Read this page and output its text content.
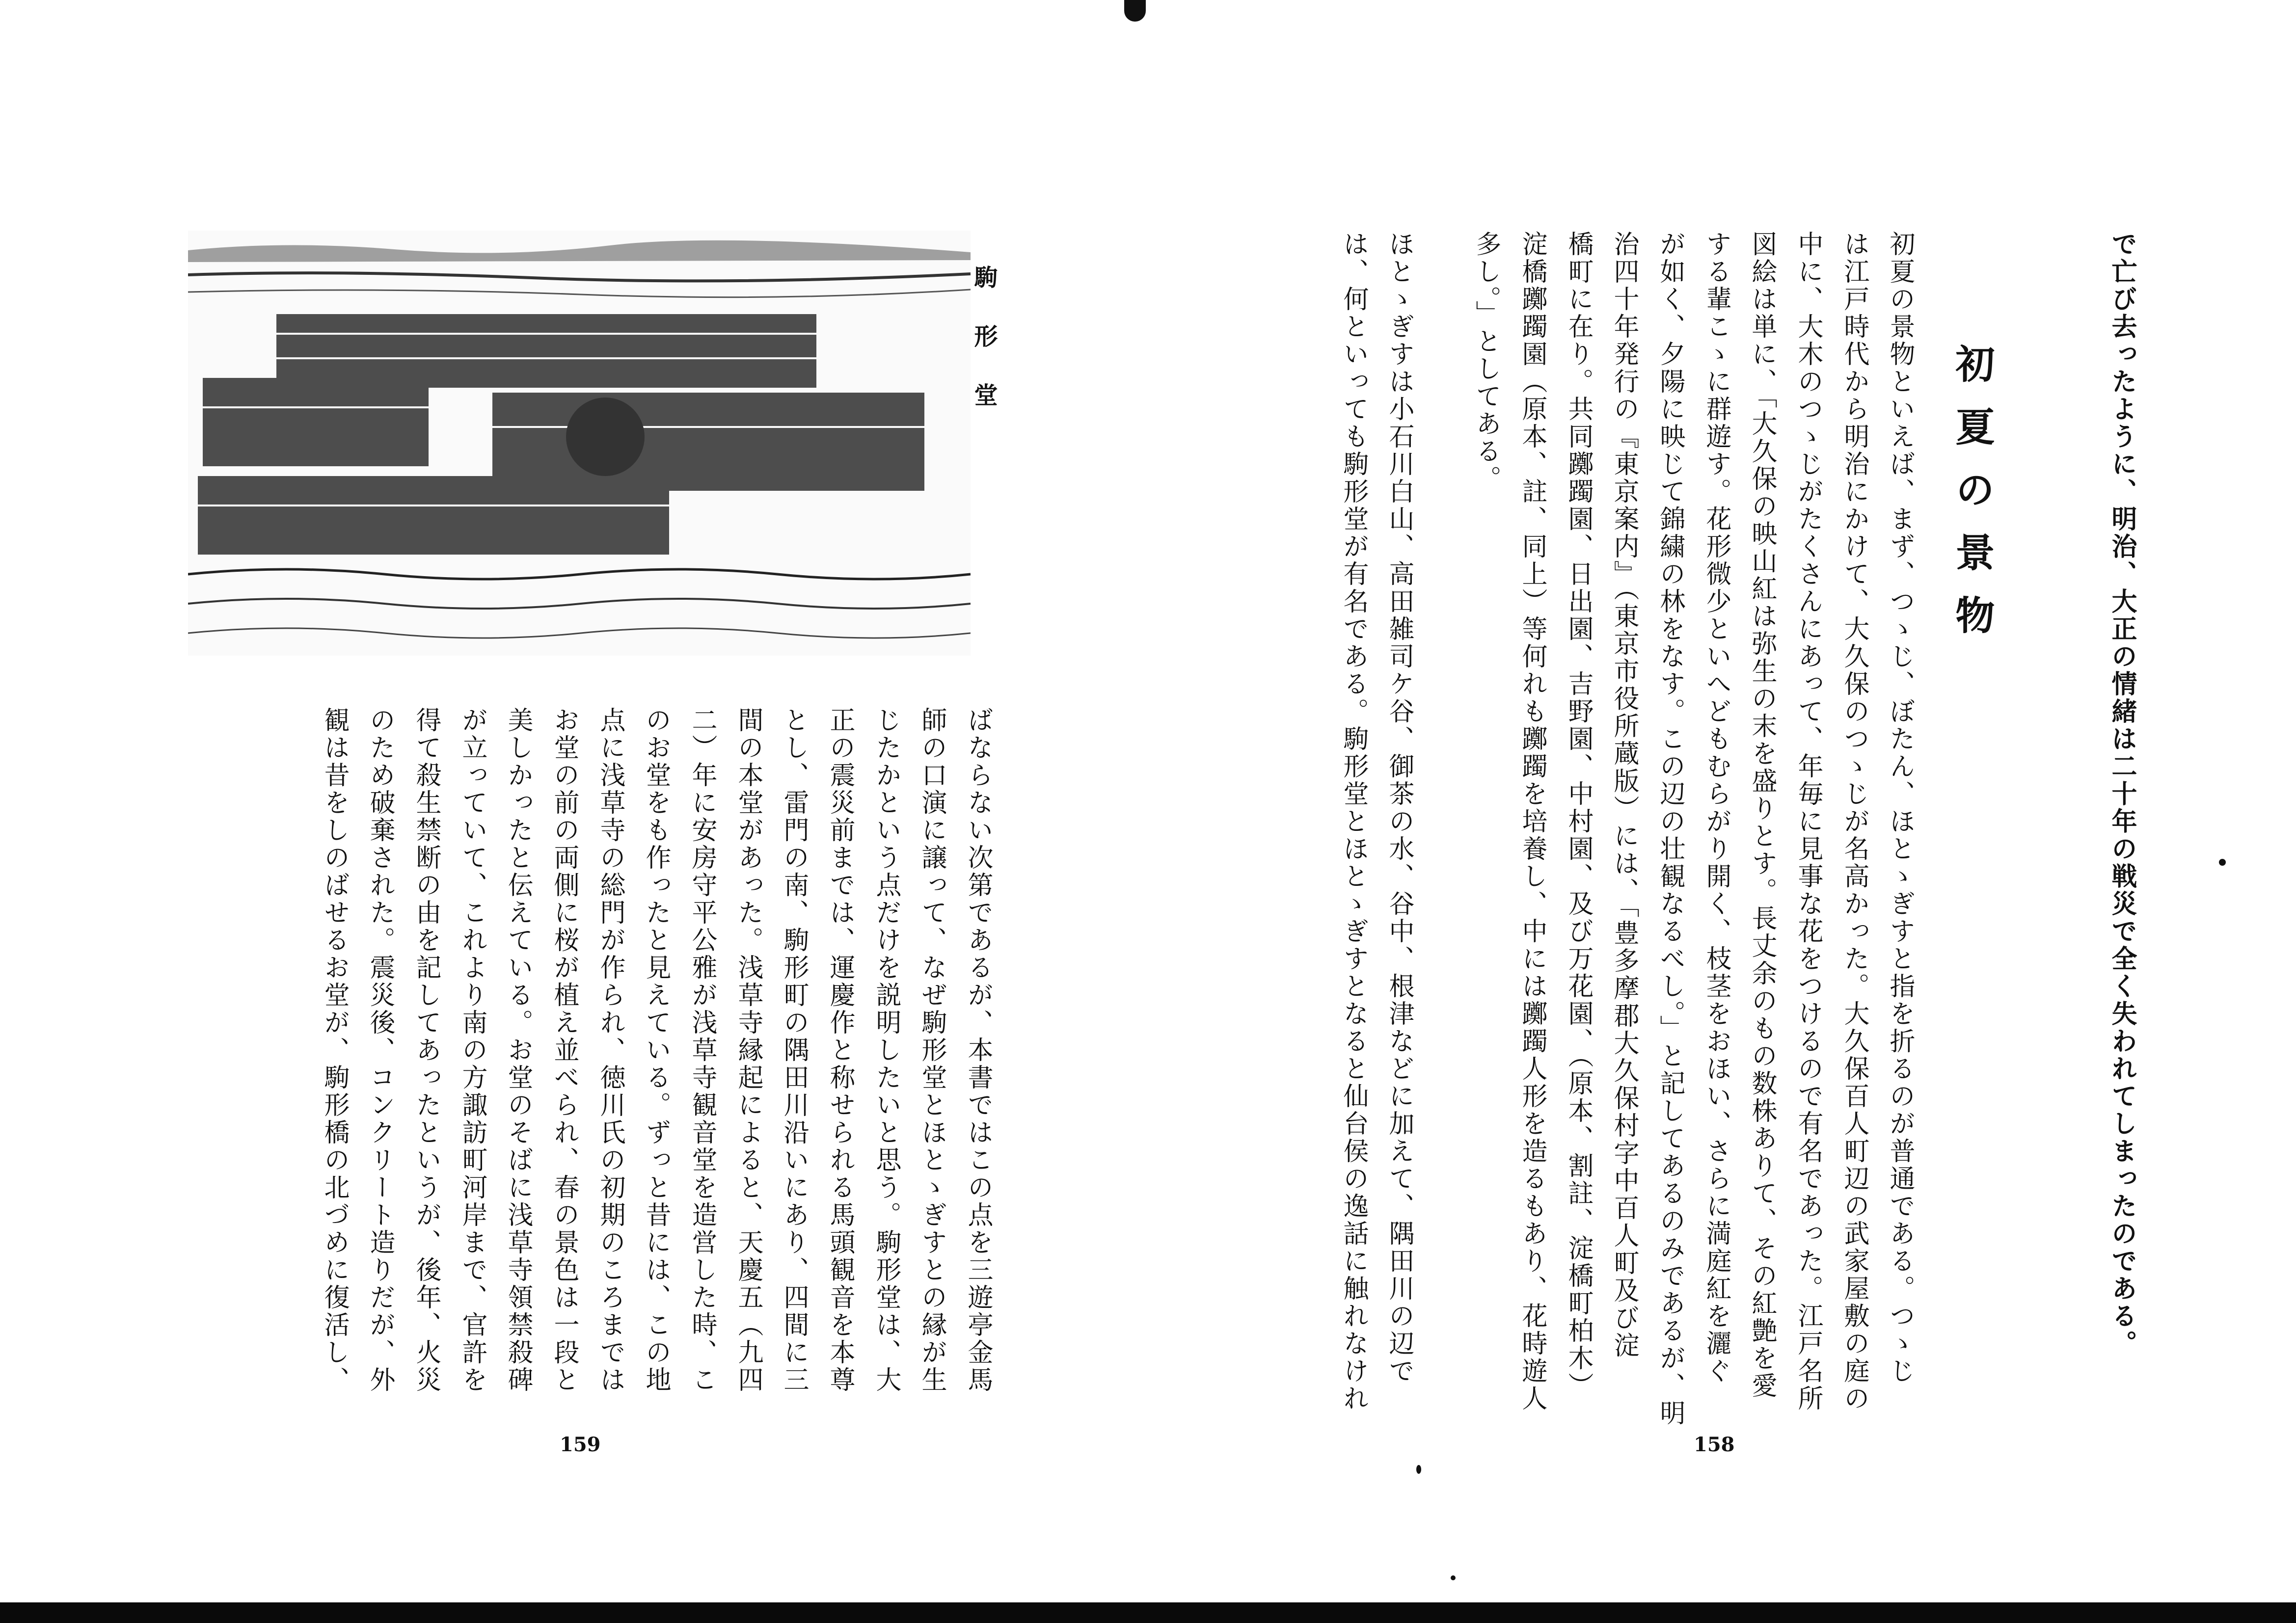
で亡び去ったように、明治、大正の情緒は二十年の戦災で全く失われてしまったのである。
初夏の景物
初夏の景物といえば、まず、つゝじ、ぼたん、ほとゝぎすと指を折るのが普通である。つゝじ
は江戸時代から明治にかけて、大久保のつゝじが名高かった。大久保百人町辺の武家屋敷の庭の
中に、大木のつゝじがたくさんにあって、年毎に見事な花をつけるので有名であった。江戸名所
図絵は単に、「大久保の映山紅は弥生の末を盛りとす。長丈余のもの数株ありて、その紅艶を愛
する輩こゝに群遊す。花形微少といへどもむらがり開く、枝茎をおほい、さらに満庭紅を灑ぐ
が如く、夕陽に映じて錦繍の林をなす。この辺の壮観なるべし。」と記してあるのみであるが、明
治四十年発行の『東京案内』（東京市役所蔵版）には、「豊多摩郡大久保村字中百人町及び淀
橋町に在り。共同躑躅園、日出園、吉野園、中村園、及び万花園、（原本、割註、淀橋町柏木）
淀橋躑躅園（原本、註、同上）等何れも躑躅を培養し、中には躑躅人形を造るもあり、花時遊人
多し。」としてある。
ほとゝぎすは小石川白山、高田雑司ケ谷、御茶の水、谷中、根津などに加えて、隅田川の辺で
は、何といっても駒形堂が有名である。駒形堂とほとゝぎすとなると仙台侯の逸話に触れなけれ
158
駒形堂
ばならない次第であるが、本書ではこの点を三遊亭金馬
師の口演に譲って、なぜ駒形堂とほとゝぎすとの縁が生
じたかという点だけを説明したいと思う。駒形堂は、大
正の震災前までは、運慶作と称せられる馬頭観音を本尊
とし、雷門の南、駒形町の隅田川沿いにあり、四間に三
間の本堂があった。浅草寺縁起によると、天慶五（九四
二）年に安房守平公雅が浅草寺観音堂を造営した時、こ
のお堂をも作ったと見えている。ずっと昔には、この地
点に浅草寺の総門が作られ、徳川氏の初期のころまでは
お堂の前の両側に桜が植え並べられ、春の景色は一段と
美しかったと伝えている。お堂のそばに浅草寺領禁殺碑
が立っていて、これより南の方諏訪町河岸まで、官許を
得て殺生禁断の由を記してあったというが、後年、火災
のため破棄された。震災後、コンクリート造りだが、外
観は昔をしのばせるお堂が、駒形橋の北づめに復活し、
159
